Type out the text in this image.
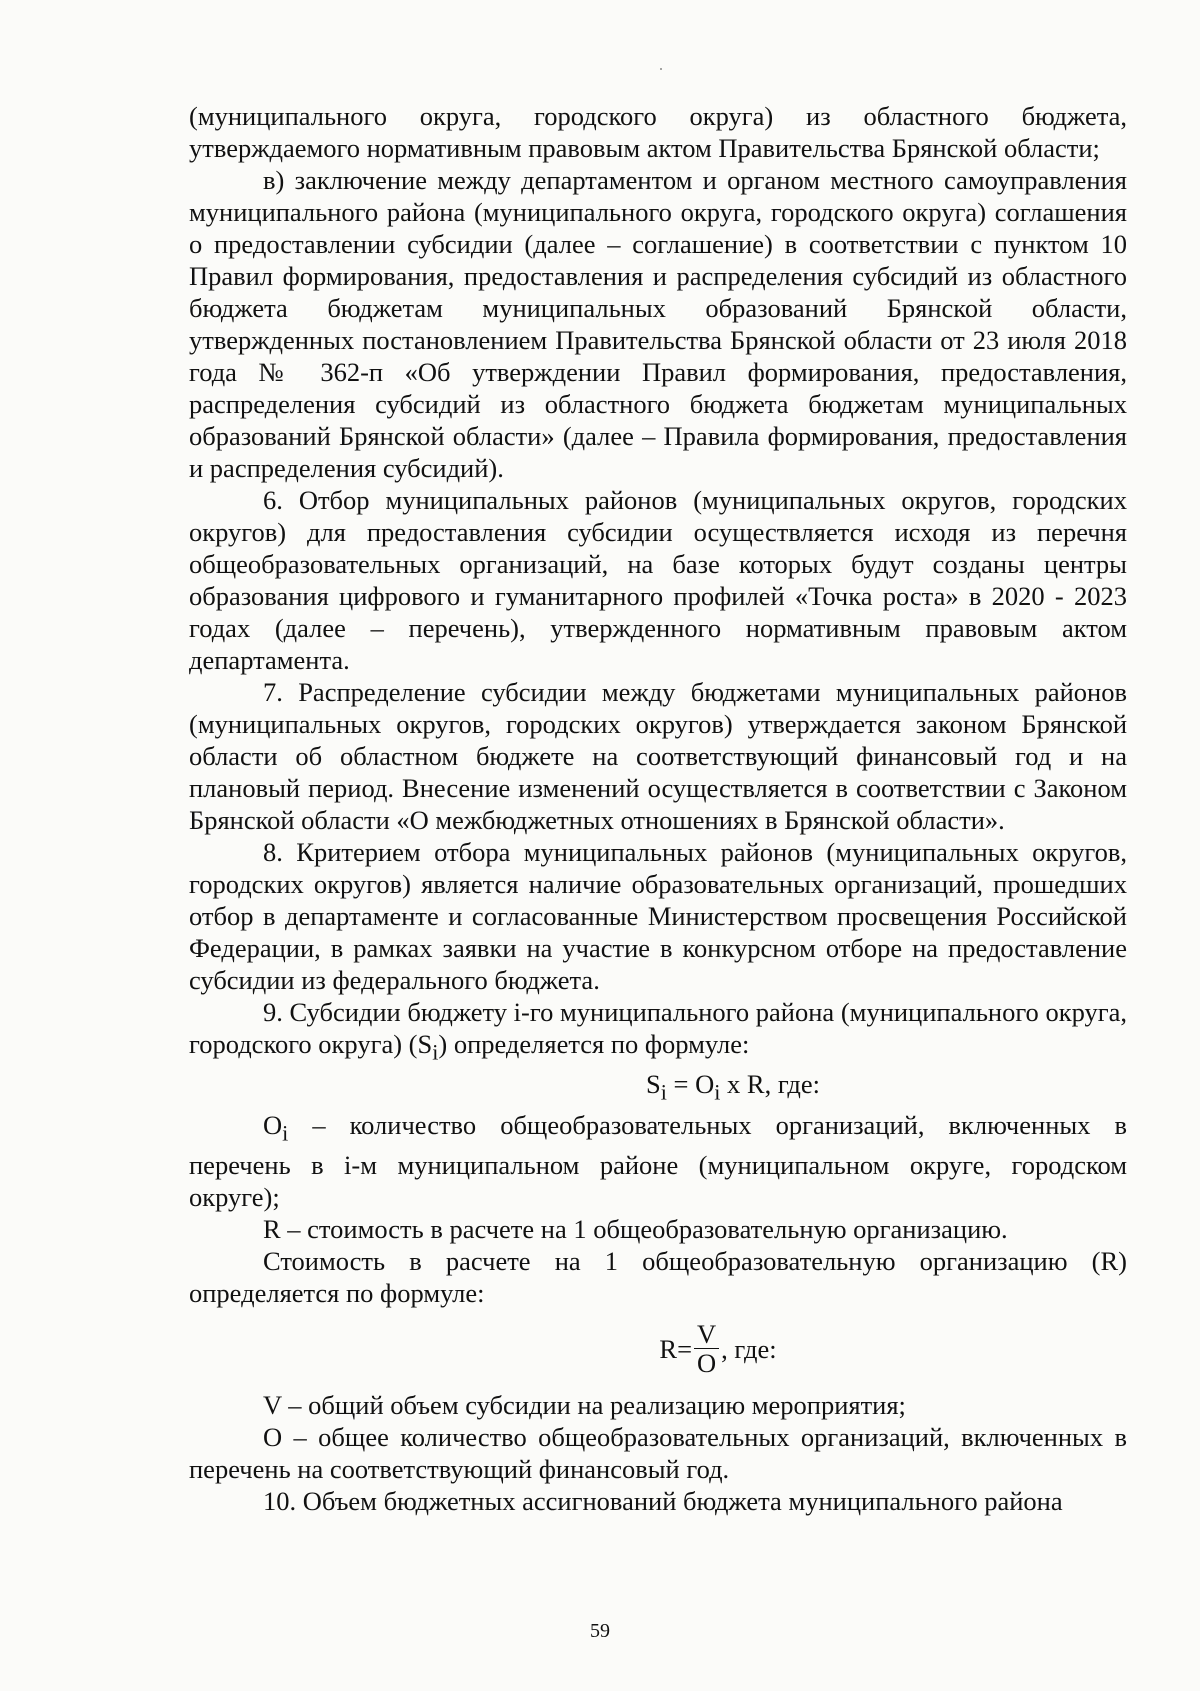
(муниципального округа, городского округа) из областного бюджета, утверждаемого нормативным правовым актом Правительства Брянской области;

в) заключение между департаментом и органом местного самоуправления муниципального района (муниципального округа, городского округа) соглашения о предоставлении субсидии (далее – соглашение) в соответствии с пунктом 10 Правил формирования, предоставления и распределения субсидий из областного бюджета бюджетам муниципальных образований Брянской области, утвержденных постановлением Правительства Брянской области от 23 июля 2018 года № 362-п «Об утверждении Правил формирования, предоставления, распределения субсидий из областного бюджета бюджетам муниципальных образований Брянской области» (далее – Правила формирования, предоставления и распределения субсидий).

6. Отбор муниципальных районов (муниципальных округов, городских округов) для предоставления субсидии осуществляется исходя из перечня общеобразовательных организаций, на базе которых будут созданы центры образования цифрового и гуманитарного профилей «Точка роста» в 2020 - 2023 годах (далее – перечень), утвержденного нормативным правовым актом департамента.

7. Распределение субсидии между бюджетами муниципальных районов (муниципальных округов, городских округов) утверждается законом Брянской области об областном бюджете на соответствующий финансовый год и на плановый период. Внесение изменений осуществляется в соответствии с Законом Брянской области «О межбюджетных отношениях в Брянской области».

8. Критерием отбора муниципальных районов (муниципальных округов, городских округов) является наличие образовательных организаций, прошедших отбор в департаменте и согласованные Министерством просвещения Российской Федерации, в рамках заявки на участие в конкурсном отборе на предоставление субсидии из федерального бюджета.

9. Субсидии бюджету i-го муниципального района (муниципального округа, городского округа) $(S_i)$ определяется по формуле:

$S_i = O_i$ x R, где:

$O_i$ – количество общеобразовательных организаций, включенных в перечень в i-м муниципальном районе (муниципальном округе, городском округе);

R – стоимость в расчете на 1 общеобразовательную организацию.

Стоимость в расчете на 1 общеобразовательную организацию (R) определяется по формуле:

$R= \frac{V}{O}$ , где:

V – общий объем субсидии на реализацию мероприятия;

O – общее количество общеобразовательных организаций, включенных в перечень на соответствующий финансовый год.

10. Объем бюджетных ассигнований бюджета муниципального района

59
